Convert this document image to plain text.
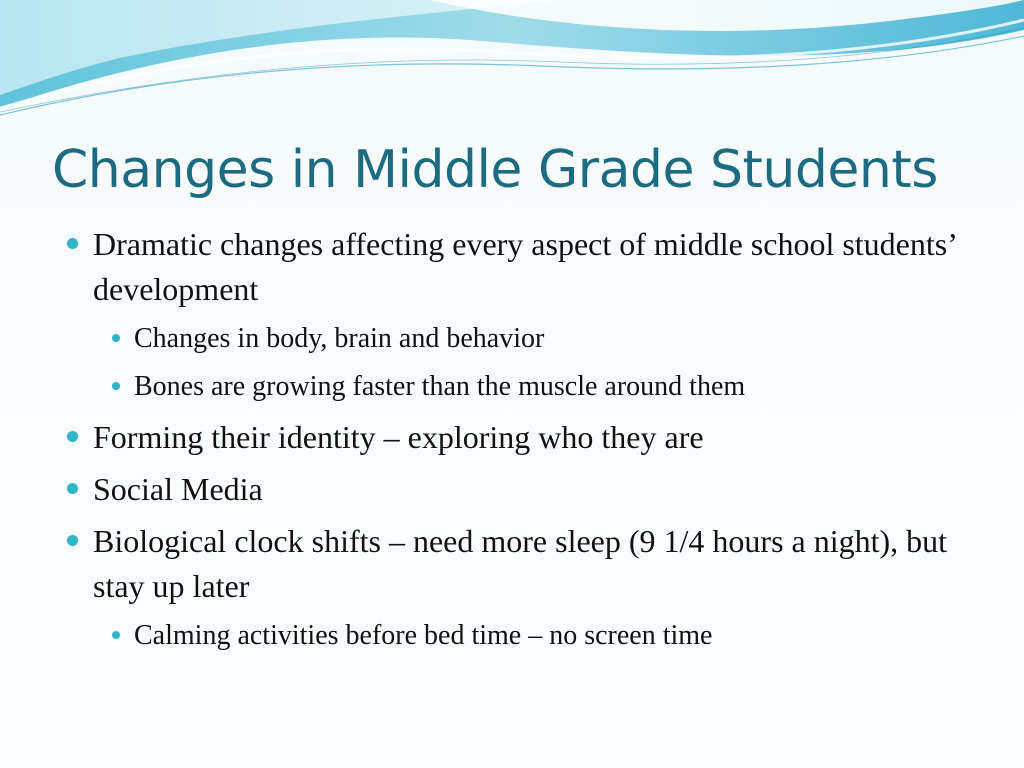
Changes in Middle Grade Students
Dramatic changes affecting every aspect of middle school students’ development
Changes in body, brain and behavior
Bones are growing faster than the muscle around them
Forming their identity – exploring who they are
Social Media
Biological clock shifts – need more sleep (9 1/4 hours a night), but stay up later
Calming activities before bed time – no screen time
